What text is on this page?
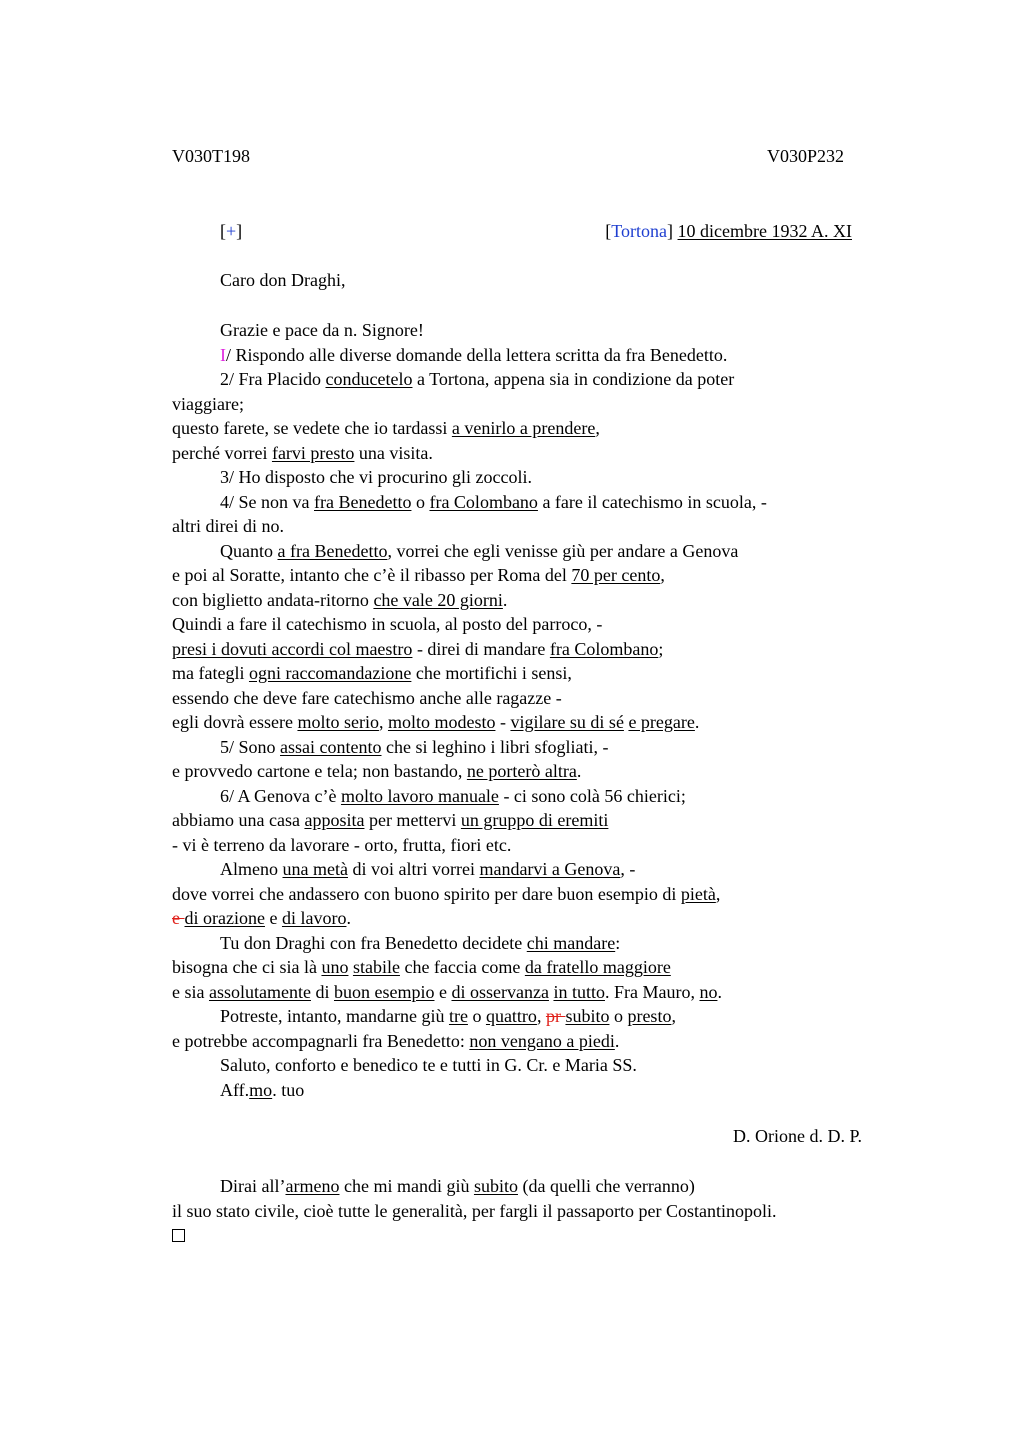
V030T198	V030P232
[+]	[Tortona] 10 dicembre 1932 A. XI
Caro don Draghi,
Grazie e pace da n. Signore!
I/ Rispondo alle diverse domande della lettera scritta da fra Benedetto.
2/ Fra Placido conducetelo a Tortona, appena sia in condizione da poter
viaggiare;
questo farete, se vedete che io tardassi a venirlo a prendere,
perché vorrei farvi presto una visita.
3/ Ho disposto che vi procurino gli zoccoli.
4/ Se non va fra Benedetto o fra Colombano a fare il catechismo in scuola, -
altri direi di no.
Quanto a fra Benedetto, vorrei che egli venisse giù per andare a Genova
e poi al Soratte, intanto che c’è il ribasso per Roma del 70 per cento,
con biglietto andata-ritorno che vale 20 giorni.
Quindi a fare il catechismo in scuola, al posto del parroco, -
presi i dovuti accordi col maestro - direi di mandare fra Colombano;
ma fategli ogni raccomandazione che mortifichi i sensi,
essendo che deve fare catechismo anche alle ragazze -
egli dovrà essere molto serio, molto modesto - vigilare su di sé e pregare.
5/ Sono assai contento che si leghino i libri sfogliati, -
e provvedo cartone e tela; non bastando, ne porterò altra.
6/ A Genova c’è molto lavoro manuale - ci sono colà 56 chierici;
abbiamo una casa apposita per mettervi un gruppo di eremiti
- vi è terreno da lavorare - orto, frutta, fiori etc.
Almeno una metà di voi altri vorrei mandarvi a Genova, -
dove vorrei che andassero con buono spirito per dare buon esempio di pietà,
e di orazione e di lavoro.
Tu don Draghi con fra Benedetto decidete chi mandare:
bisogna che ci sia là uno stabile che faccia come da fratello maggiore
e sia assolutamente di buon esempio e di osservanza in tutto. Fra Mauro, no.
Potreste, intanto, mandarne giù tre o quattro, pr subito o presto,
e potrebbe accompagnarli fra Benedetto: non vengano a piedi.
Saluto, conforto e benedico te e tutti in G. Cr. e Maria SS.
Aff.mo. tuo
D. Orione d. D. P.
Dirai all’armeno che mi mandi giù subito (da quelli che verranno)
il suo stato civile, cioè tutte le generalità, per fargli il passaporto per Costantinopoli.
